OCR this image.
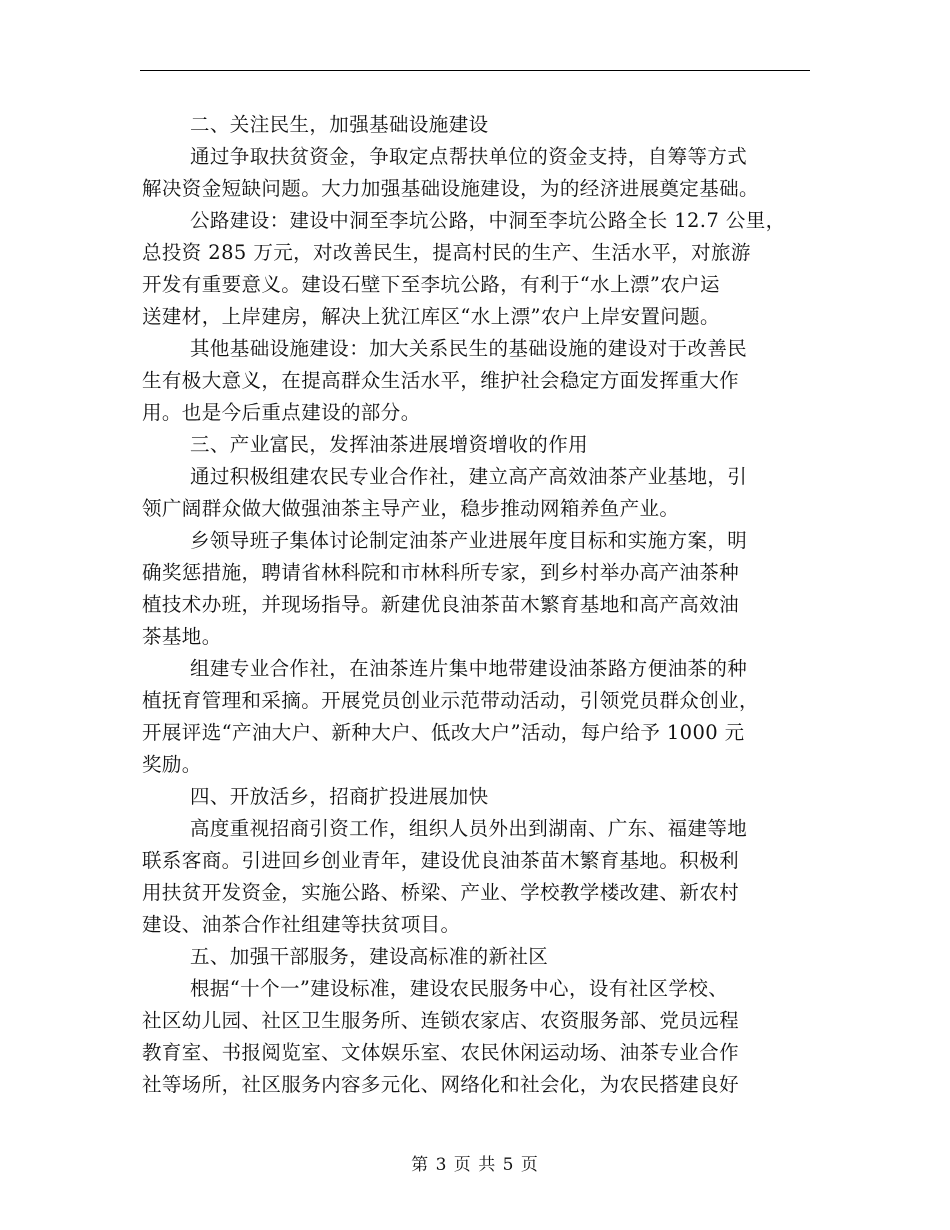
二、关注民生，加强基础设施建设
通过争取扶贫资金，争取定点帮扶单位的资金支持，自筹等方式
解决资金短缺问题。大力加强基础设施建设，为的经济进展奠定基础。
公路建设：建设中洞至李坑公路，中洞至李坑公路全长 12.7 公里，
总投资 285 万元，对改善民生，提高村民的生产、生活水平，对旅游
开发有重要意义。建设石壁下至李坑公路，有利于“水上漂”农户运
送建材，上岸建房，解决上犹江库区“水上漂”农户上岸安置问题。
其他基础设施建设：加大关系民生的基础设施的建设对于改善民
生有极大意义，在提高群众生活水平，维护社会稳定方面发挥重大作
用。也是今后重点建设的部分。
三、产业富民，发挥油茶进展增资增收的作用
通过积极组建农民专业合作社，建立高产高效油茶产业基地，引
领广阔群众做大做强油茶主导产业，稳步推动网箱养鱼产业。
乡领导班子集体讨论制定油茶产业进展年度目标和实施方案，明
确奖惩措施，聘请省林科院和市林科所专家，到乡村举办高产油茶种
植技术办班，并现场指导。新建优良油茶苗木繁育基地和高产高效油
茶基地。
组建专业合作社，在油茶连片集中地带建设油茶路方便油茶的种
植抚育管理和采摘。开展党员创业示范带动活动，引领党员群众创业，
开展评选“产油大户、新种大户、低改大户”活动，每户给予 1000 元
奖励。
四、开放活乡，招商扩投进展加快
高度重视招商引资工作，组织人员外出到湖南、广东、福建等地
联系客商。引进回乡创业青年，建设优良油茶苗木繁育基地。积极利
用扶贫开发资金，实施公路、桥梁、产业、学校教学楼改建、新农村
建设、油茶合作社组建等扶贫项目。
五、加强干部服务，建设高标准的新社区
根据“十个一”建设标准，建设农民服务中心，设有社区学校、
社区幼儿园、社区卫生服务所、连锁农家店、农资服务部、党员远程
教育室、书报阅览室、文体娱乐室、农民休闲运动场、油茶专业合作
社等场所，社区服务内容多元化、网络化和社会化，为农民搭建良好
第 3 页 共 5 页
